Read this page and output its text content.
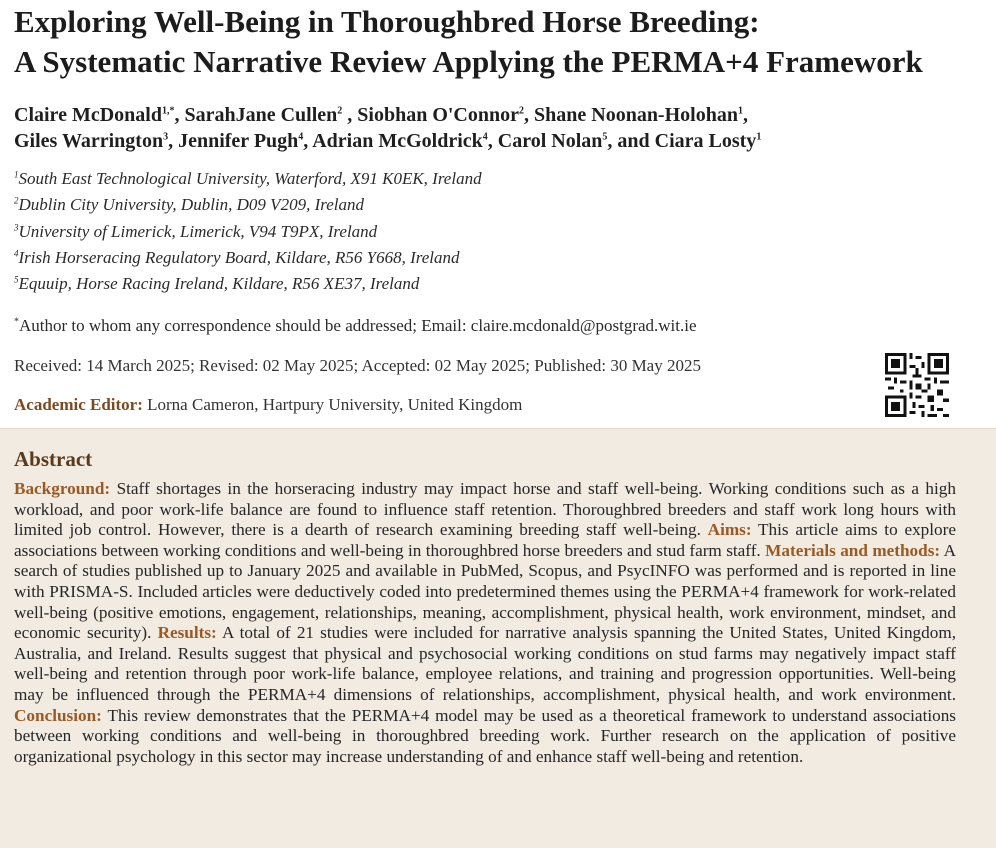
Exploring Well-Being in Thoroughbred Horse Breeding:
A Systematic Narrative Review Applying the PERMA+4 Framework
Claire McDonald$^{1,*}$, SarahJane Cullen$^2$ , Siobhan O'Connor$^2$, Shane Noonan-Holohan$^1$,
Giles Warrington$^3$, Jennifer Pugh$^4$, Adrian McGoldrick$^4$, Carol Nolan$^5$, and Ciara Losty$^1$
$^1$South East Technological University, Waterford, X91 K0EK, Ireland
$^2$Dublin City University, Dublin, D09 V209, Ireland
$^3$University of Limerick, Limerick, V94 T9PX, Ireland
$^4$Irish Horseracing Regulatory Board, Kildare, R56 Y668, Ireland
$^5$Equuip, Horse Racing Ireland, Kildare, R56 XE37, Ireland
*Author to whom any correspondence should be addressed; Email: claire.mcdonald@postgrad.wit.ie
Received: 14 March 2025; Revised: 02 May 2025; Accepted: 02 May 2025; Published: 30 May 2025
Academic Editor: Lorna Cameron, Hartpury University, United Kingdom
Abstract

Background: Staff shortages in the horseracing industry may impact horse and staff well-being. Working conditions such as a high workload, and poor work-life balance are found to influence staff retention. Thoroughbred breeders and staff work long hours with limited job control. However, there is a dearth of research examining breeding staff well-being. Aims: This article aims to explore associations between working conditions and well-being in thoroughbred horse breeders and stud farm staff. Materials and methods: A search of studies published up to January 2025 and available in PubMed, Scopus, and PsycINFO was performed and is reported in line with PRISMA-S. Included articles were deductively coded into predetermined themes using the PERMA+4 framework for work-related well-being (positive emotions, engagement, relationships, meaning, accomplishment, physical health, work environment, mindset, and economic security). Results: A total of 21 studies were included for narrative analysis spanning the United States, United Kingdom, Australia, and Ireland. Results suggest that physical and psychosocial working conditions on stud farms may negatively impact staff well-being and retention through poor work-life balance, employee relations, and training and progression opportunities. Well-being may be influenced through the PERMA+4 dimensions of relationships, accomplishment, physical health, and work environment. Conclusion: This review demonstrates that the PERMA+4 model may be used as a theoretical framework to understand associations between working conditions and well-being in thoroughbred breeding work. Further research on the application of positive organizational psychology in this sector may increase understanding of and enhance staff well-being and retention.
